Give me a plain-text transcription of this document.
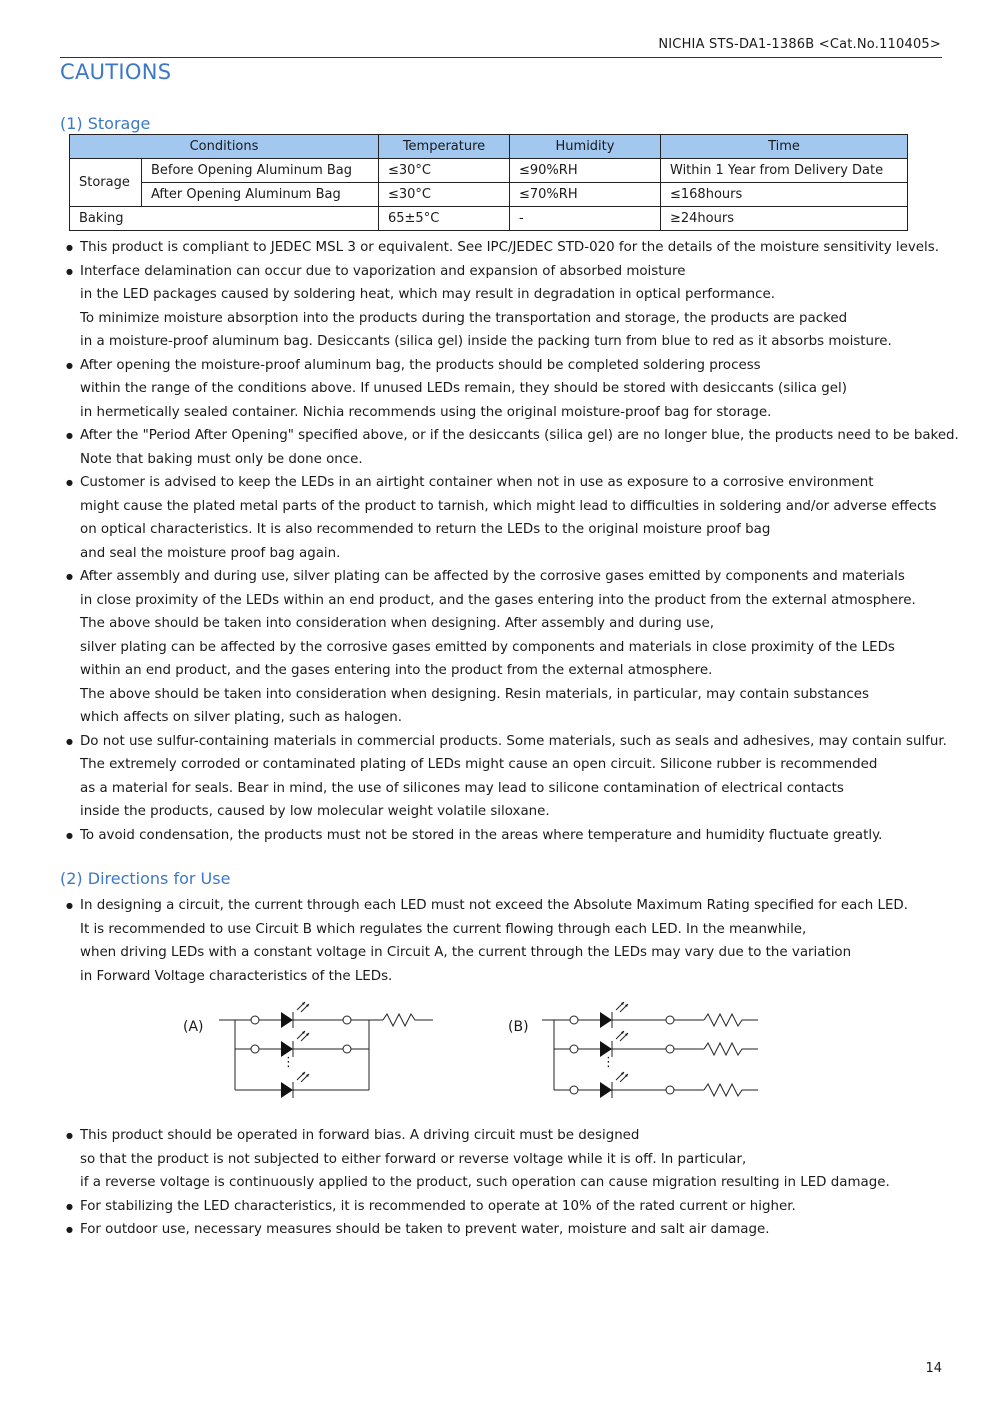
NICHIA STS-DA1-1386B <Cat.No.110405>
CAUTIONS
(1) Storage
Conditions		Temperature	Humidity	Time
Storage	Before Opening Aluminum Bag	≤30°C	≤90%RH	Within 1 Year from Delivery Date
	After Opening Aluminum Bag	≤30°C	≤70%RH	≤168hours
Baking		65±5°C	-	≥24hours

● This product is compliant to JEDEC MSL 3 or equivalent. See IPC/JEDEC STD-020 for the details of the moisture sensitivity levels.

● Interface delamination can occur due to vaporization and expansion of absorbed moisture
in the LED packages caused by soldering heat, which may result in degradation in optical performance.
To minimize moisture absorption into the products during the transportation and storage, the products are packed
in a moisture-proof aluminum bag. Desiccants (silica gel) inside the packing turn from blue to red as it absorbs moisture.

● After opening the moisture-proof aluminum bag, the products should be completed soldering process
within the range of the conditions above. If unused LEDs remain, they should be stored with desiccants (silica gel)
in hermetically sealed container. Nichia recommends using the original moisture-proof bag for storage.

● After the "Period After Opening" specified above, or if the desiccants (silica gel) are no longer blue, the products need to be baked.
Note that baking must only be done once.

● Customer is advised to keep the LEDs in an airtight container when not in use as exposure to a corrosive environment
might cause the plated metal parts of the product to tarnish, which might lead to difficulties in soldering and/or adverse effects
on optical characteristics. It is also recommended to return the LEDs to the original moisture proof bag
and seal the moisture proof bag again.

● After assembly and during use, silver plating can be affected by the corrosive gases emitted by components and materials
in close proximity of the LEDs within an end product, and the gases entering into the product from the external atmosphere.
The above should be taken into consideration when designing. After assembly and during use,
silver plating can be affected by the corrosive gases emitted by components and materials in close proximity of the LEDs
within an end product, and the gases entering into the product from the external atmosphere.
The above should be taken into consideration when designing. Resin materials, in particular, may contain substances
which affects on silver plating, such as halogen.

● Do not use sulfur-containing materials in commercial products. Some materials, such as seals and adhesives, may contain sulfur.
The extremely corroded or contaminated plating of LEDs might cause an open circuit. Silicone rubber is recommended
as a material for seals. Bear in mind, the use of silicones may lead to silicone contamination of electrical contacts
inside the products, caused by low molecular weight volatile siloxane.

● To avoid condensation, the products must not be stored in the areas where temperature and humidity fluctuate greatly.

(2) Directions for Use

● In designing a circuit, the current through each LED must not exceed the Absolute Maximum Rating specified for each LED.
It is recommended to use Circuit B which regulates the current flowing through each LED. In the meanwhile,
when driving LEDs with a constant voltage in Circuit A, the current through the LEDs may vary due to the variation
in Forward Voltage characteristics of the LEDs.

(A)
⋮
(B)
⋮

● This product should be operated in forward bias. A driving circuit must be designed
so that the product is not subjected to either forward or reverse voltage while it is off. In particular,
if a reverse voltage is continuously applied to the product, such operation can cause migration resulting in LED damage.

● For stabilizing the LED characteristics, it is recommended to operate at 10% of the rated current or higher.

● For outdoor use, necessary measures should be taken to prevent water, moisture and salt air damage.

14
